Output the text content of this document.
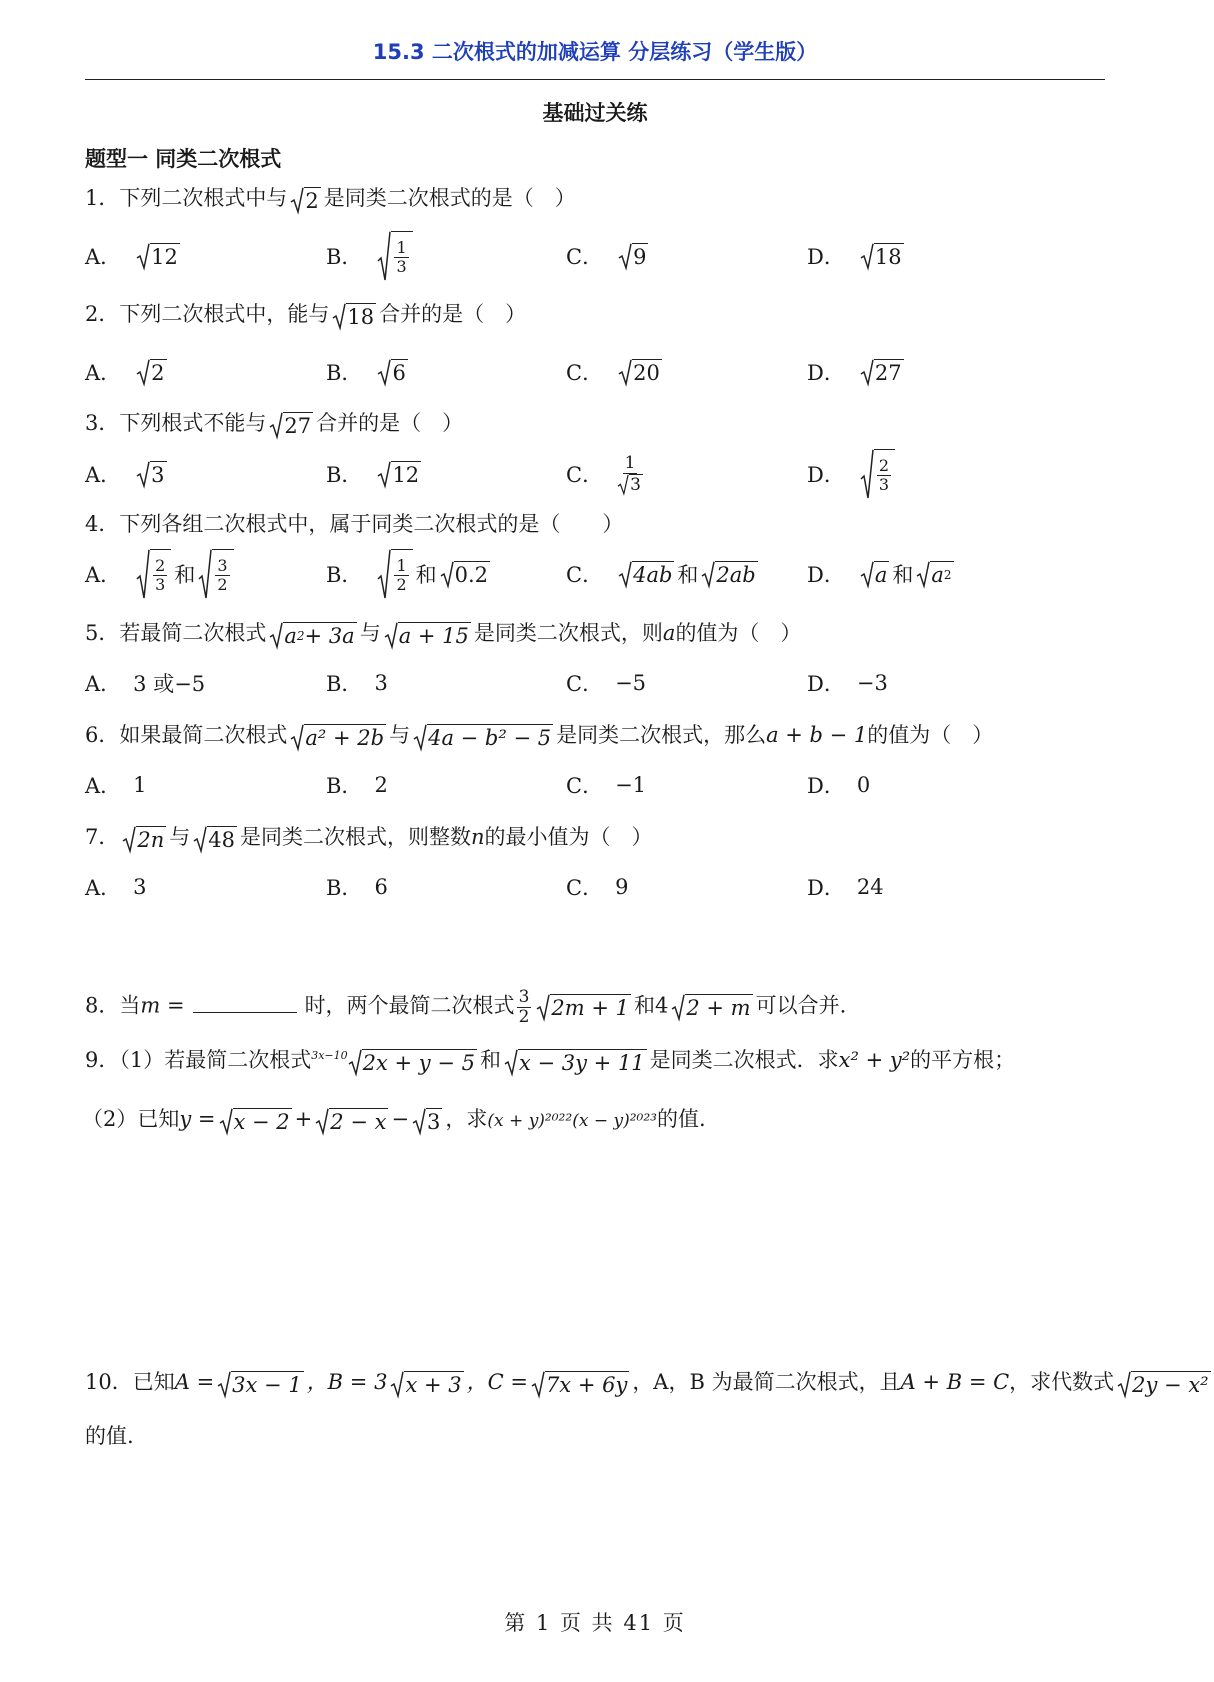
15.3 二次根式的加减运算 分层练习（学生版）
基础过关练
题型一 同类二次根式
1．下列二次根式中与 2 是同类二次根式的是（　）
A． 12	B． $\frac{1}{3}$	C． 9	D． 18
2．下列二次根式中，能与 18 合并的是（　）
A． 2	B． 6	C． 20	D． 27
3．下列根式不能与 27 合并的是（　）
A． 3	B． 12	C． $\frac{1}{3}$	D． $\frac{2}{3}$
4．下列各组二次根式中，属于同类二次根式的是（　　）
A． $\frac{2}{3}$ 和 $\frac{3}{2}$	B． $\frac{1}{2}$ 和 0.2	C． 4ab 和 2ab D． a 和 a 2
5．若最简二次根式 a 2 + 3a 与 a + 15 是同类二次根式，则a的值为（　）
A． 3 或−5	B． 3	C． −5	D． −3
6．如果最简二次根式 a² + 2b 与 4a − b² − 5 是同类二次根式，那么a + b − 1的值为（　）
A． 1	B． 2	C． −1	D． 0
7． 2n 与 48 是同类二次根式，则整数n的最小值为（　）
A． 3	B． 6	C． 9	D． 24
8．当m =	时，两个最简二次根式 $\frac{3}{2} 2m + 1$ 和4 2 + m 可以合并.
9．（1）若最简二次根式$^{3x-10}$ 2x + y − 5 和 x − 3y + 11 是同类二次根式．求x² + y²的平方根；
（2）已知y = x − 2 + 2 − x − 3 ，求(x + y)²⁰²²(x − y)²⁰²³的值.
10．已知A = 3x − 1 ，B = 3 x + 3 ，C = 7x + 6y ，A，B 为最简二次根式，且A + B = C，求代数式 2y − x²
的值.
第 1 页 共 41 页
